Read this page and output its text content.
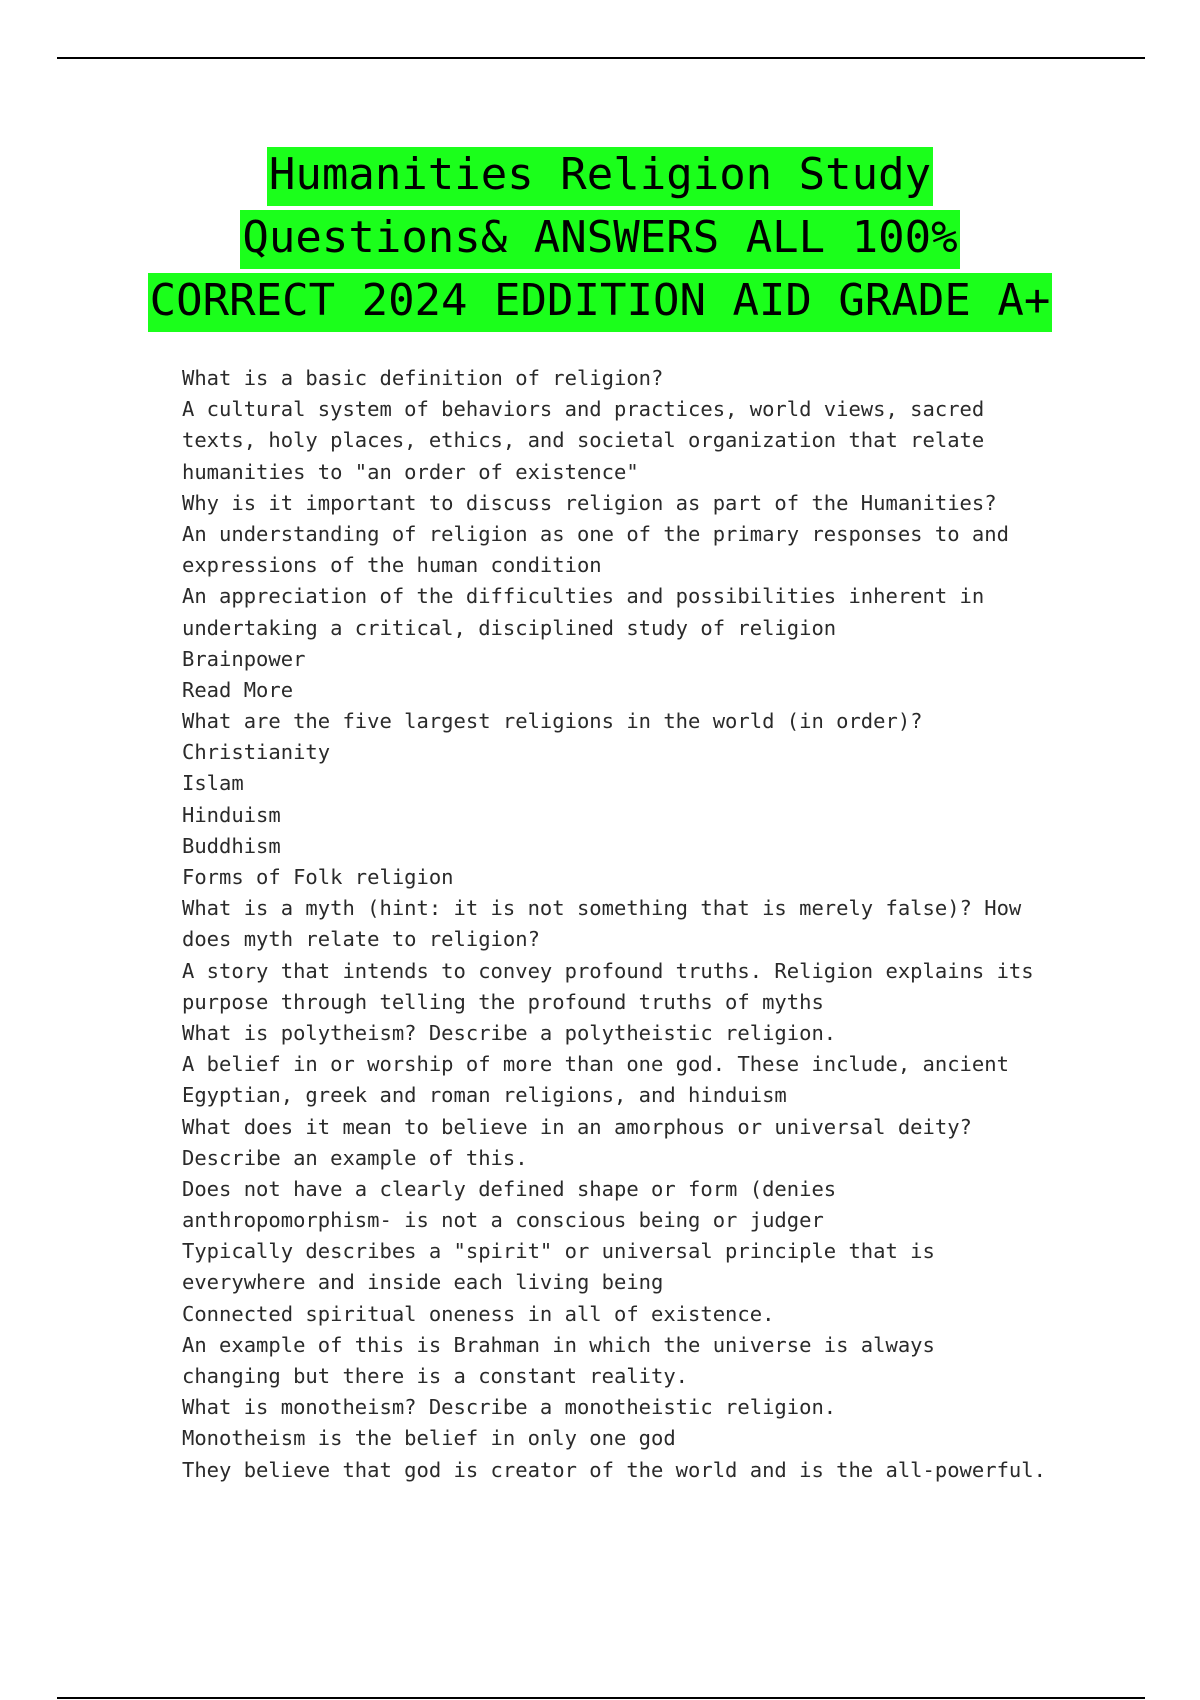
Humanities Religion Study
Questions& ANSWERS ALL 100%
CORRECT 2024 EDDITION AID GRADE A+
What is a basic definition of religion?
A cultural system of behaviors and practices, world views, sacred
texts, holy places, ethics, and societal organization that relate
humanities to "an order of existence"
Why is it important to discuss religion as part of the Humanities?
An understanding of religion as one of the primary responses to and
expressions of the human condition
An appreciation of the difficulties and possibilities inherent in
undertaking a critical, disciplined study of religion
Brainpower
Read More
What are the five largest religions in the world (in order)?
Christianity
Islam
Hinduism
Buddhism
Forms of Folk religion
What is a myth (hint: it is not something that is merely false)? How
does myth relate to religion?
A story that intends to convey profound truths. Religion explains its
purpose through telling the profound truths of myths
What is polytheism? Describe a polytheistic religion.
A belief in or worship of more than one god. These include, ancient
Egyptian, greek and roman religions, and hinduism
What does it mean to believe in an amorphous or universal deity?
Describe an example of this.
Does not have a clearly defined shape or form (denies
anthropomorphism- is not a conscious being or judger
Typically describes a "spirit" or universal principle that is
everywhere and inside each living being
Connected spiritual oneness in all of existence.
An example of this is Brahman in which the universe is always
changing but there is a constant reality.
What is monotheism? Describe a monotheistic religion.
Monotheism is the belief in only one god
They believe that god is creator of the world and is the all-powerful.
